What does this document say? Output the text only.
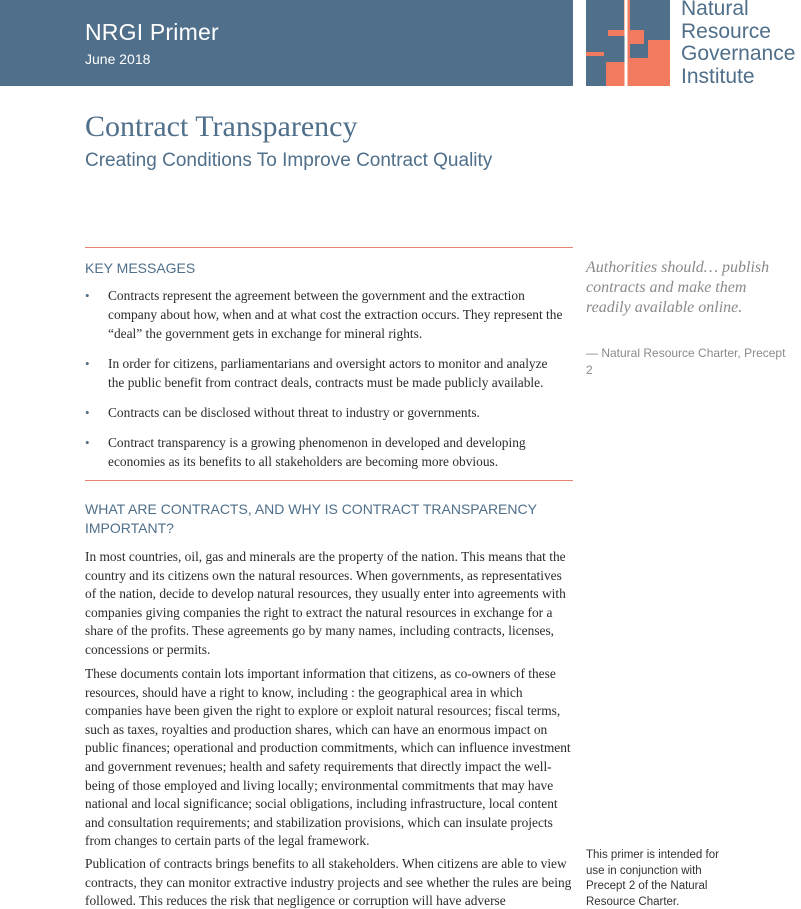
NRGI Primer
June 2018
Natural
Resource
Governance
Institute
Contract Transparency
Creating Conditions To Improve Contract Quality
KEY MESSAGES
• Contracts represent the agreement between the government and the extraction company about how, when and at what cost the extraction occurs. They represent the “deal” the government gets in exchange for mineral rights.
• In order for citizens, parliamentarians and oversight actors to monitor and analyze the public benefit from contract deals, contracts must be made publicly available.
• Contracts can be disclosed without threat to industry or governments.
• Contract transparency is a growing phenomenon in developed and developing economies as its benefits to all stakeholders are becoming more obvious.
WHAT ARE CONTRACTS, AND WHY IS CONTRACT TRANSPARENCY IMPORTANT?
In most countries, oil, gas and minerals are the property of the nation. This means that the country and its citizens own the natural resources. When governments, as representatives of the nation, decide to develop natural resources, they usually enter into agreements with companies giving companies the right to extract the natural resources in exchange for a share of the profits. These agreements go by many names, including contracts, licenses, concessions or permits.
These documents contain lots important information that citizens, as co-owners of these resources, should have a right to know, including : the geographical area in which companies have been given the right to explore or exploit natural resources; fiscal terms, such as taxes, royalties and production shares, which can have an enormous impact on public finances; operational and production commitments, which can influence investment and government revenues; health and safety requirements that directly impact the well-being of those employed and living locally; environmental commitments that may have national and local significance; social obligations, including infrastructure, local content and consultation requirements; and stabilization provisions, which can insulate projects from changes to certain parts of the legal framework.
Publication of contracts brings benefits to all stakeholders. When citizens are able to view contracts, they can monitor extractive industry projects and see whether the rules are being followed. This reduces the risk that negligence or corruption will have adverse
Authorities should… publish contracts and make them readily available online.
— Natural Resource Charter, Precept 2
This primer is intended for use in conjunction with Precept 2 of the Natural Resource Charter.
